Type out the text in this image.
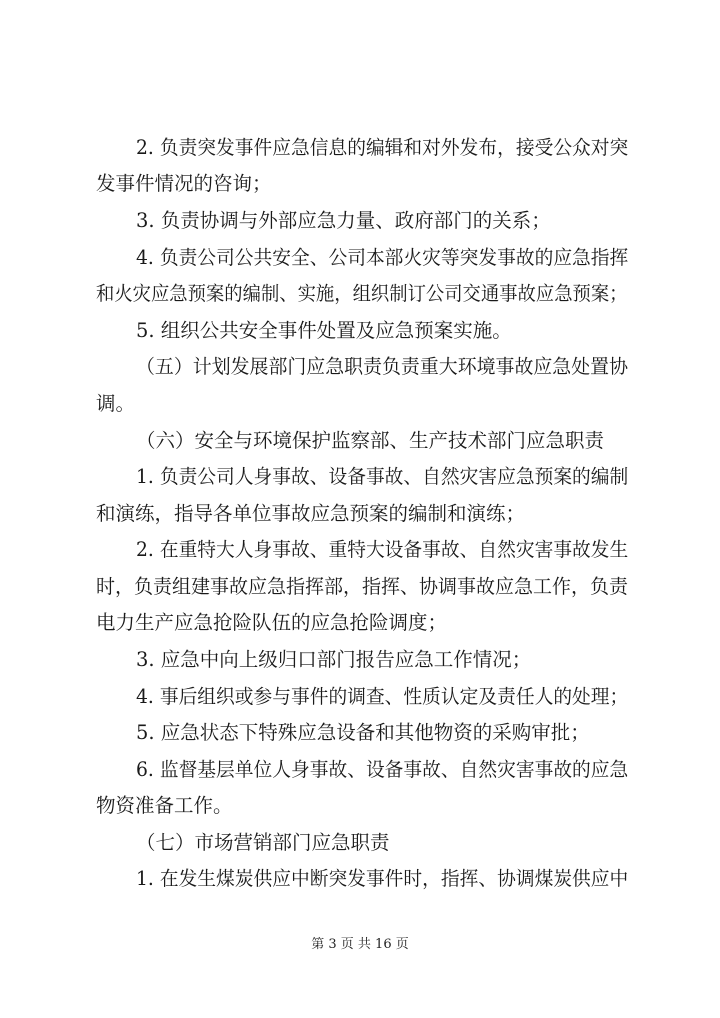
2. 负责突发事件应急信息的编辑和对外发布，接受公众对突

发事件情况的咨询；

3. 负责协调与外部应急力量、政府部门的关系；

4. 负责公司公共安全、公司本部火灾等突发事故的应急指挥

和火灾应急预案的编制、实施，组织制订公司交通事故应急预案；

5. 组织公共安全事件处置及应急预案实施。

（五）计划发展部门应急职责负责重大环境事故应急处置协

调。

（六）安全与环境保护监察部、生产技术部门应急职责

1. 负责公司人身事故、设备事故、自然灾害应急预案的编制

和演练，指导各单位事故应急预案的编制和演练；

2. 在重特大人身事故、重特大设备事故、自然灾害事故发生

时，负责组建事故应急指挥部，指挥、协调事故应急工作，负责

电力生产应急抢险队伍的应急抢险调度；

3. 应急中向上级归口部门报告应急工作情况；

4. 事后组织或参与事件的调查、性质认定及责任人的处理；

5. 应急状态下特殊应急设备和其他物资的采购审批；

6. 监督基层单位人身事故、设备事故、自然灾害事故的应急

物资准备工作。

（七）市场营销部门应急职责

1. 在发生煤炭供应中断突发事件时，指挥、协调煤炭供应中

第 3 页 共 16 页
